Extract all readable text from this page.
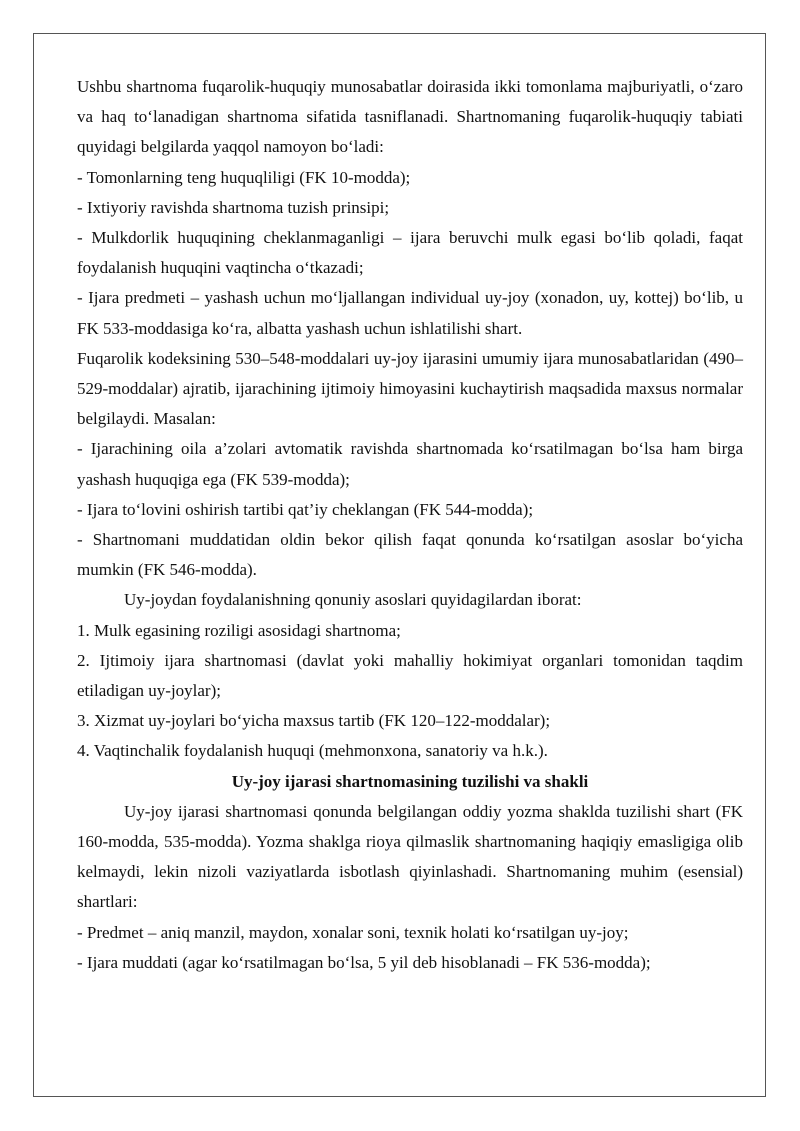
Ushbu shartnoma fuqarolik-huquqiy munosabatlar doirasida ikki tomonlama majburiyatli, o‘zaro va haq to‘lanadigan shartnoma sifatida tasniflanadi. Shartnomaning fuqarolik-huquqiy tabiati quyidagi belgilarda yaqqol namoyon bo‘ladi:

- Tomonlarning teng huquqliligi (FK 10-modda);

- Ixtiyoriy ravishda shartnoma tuzish prinsipi;

- Mulkdorlik huquqining cheklanmaganligi – ijara beruvchi mulk egasi bo‘lib qoladi, faqat foydalanish huquqini vaqtincha o‘tkazadi;

- Ijara predmeti – yashash uchun mo‘ljallangan individual uy-joy (xonadon, uy, kottej) bo‘lib, u FK 533-moddasiga ko‘ra, albatta yashash uchun ishlatilishi shart.

Fuqarolik kodeksining 530–548-moddalari uy-joy ijarasini umumiy ijara munosabatlaridan (490–529-moddalar) ajratib, ijarachining ijtimoiy himoyasini kuchaytirish maqsadida maxsus normalar belgilaydi. Masalan:

- Ijarachining oila a’zolari avtomatik ravishda shartnomada ko‘rsatilmagan bo‘lsa ham birga yashash huquqiga ega (FK 539-modda);

- Ijara to‘lovini oshirish tartibi qat’iy cheklangan (FK 544-modda);

- Shartnomani muddatidan oldin bekor qilish faqat qonunda ko‘rsatilgan asoslar bo‘yicha mumkin (FK 546-modda).

Uy-joydan foydalanishning qonuniy asoslari quyidagilardan iborat:

1. Mulk egasining roziligi asosidagi shartnoma;

2. Ijtimoiy ijara shartnomasi (davlat yoki mahalliy hokimiyat organlari tomonidan taqdim etiladigan uy-joylar);

3. Xizmat uy-joylari bo‘yicha maxsus tartib (FK 120–122-moddalar);

4. Vaqtinchalik foydalanish huquqi (mehmonxona, sanatoriy va h.k.).

Uy-joy ijarasi shartnomasining tuzilishi va shakli

Uy-joy ijarasi shartnomasi qonunda belgilangan oddiy yozma shaklda tuzilishi shart (FK 160-modda, 535-modda). Yozma shaklga rioya qilmaslik shartnomaning haqiqiy emasligiga olib kelmaydi, lekin nizoli vaziyatlarda isbotlash qiyinlashadi. Shartnomaning muhim (esensial) shartlari:

- Predmet – aniq manzil, maydon, xonalar soni, texnik holati ko‘rsatilgan uy-joy;

- Ijara muddati (agar ko‘rsatilmagan bo‘lsa, 5 yil deb hisoblanadi – FK 536-modda);
